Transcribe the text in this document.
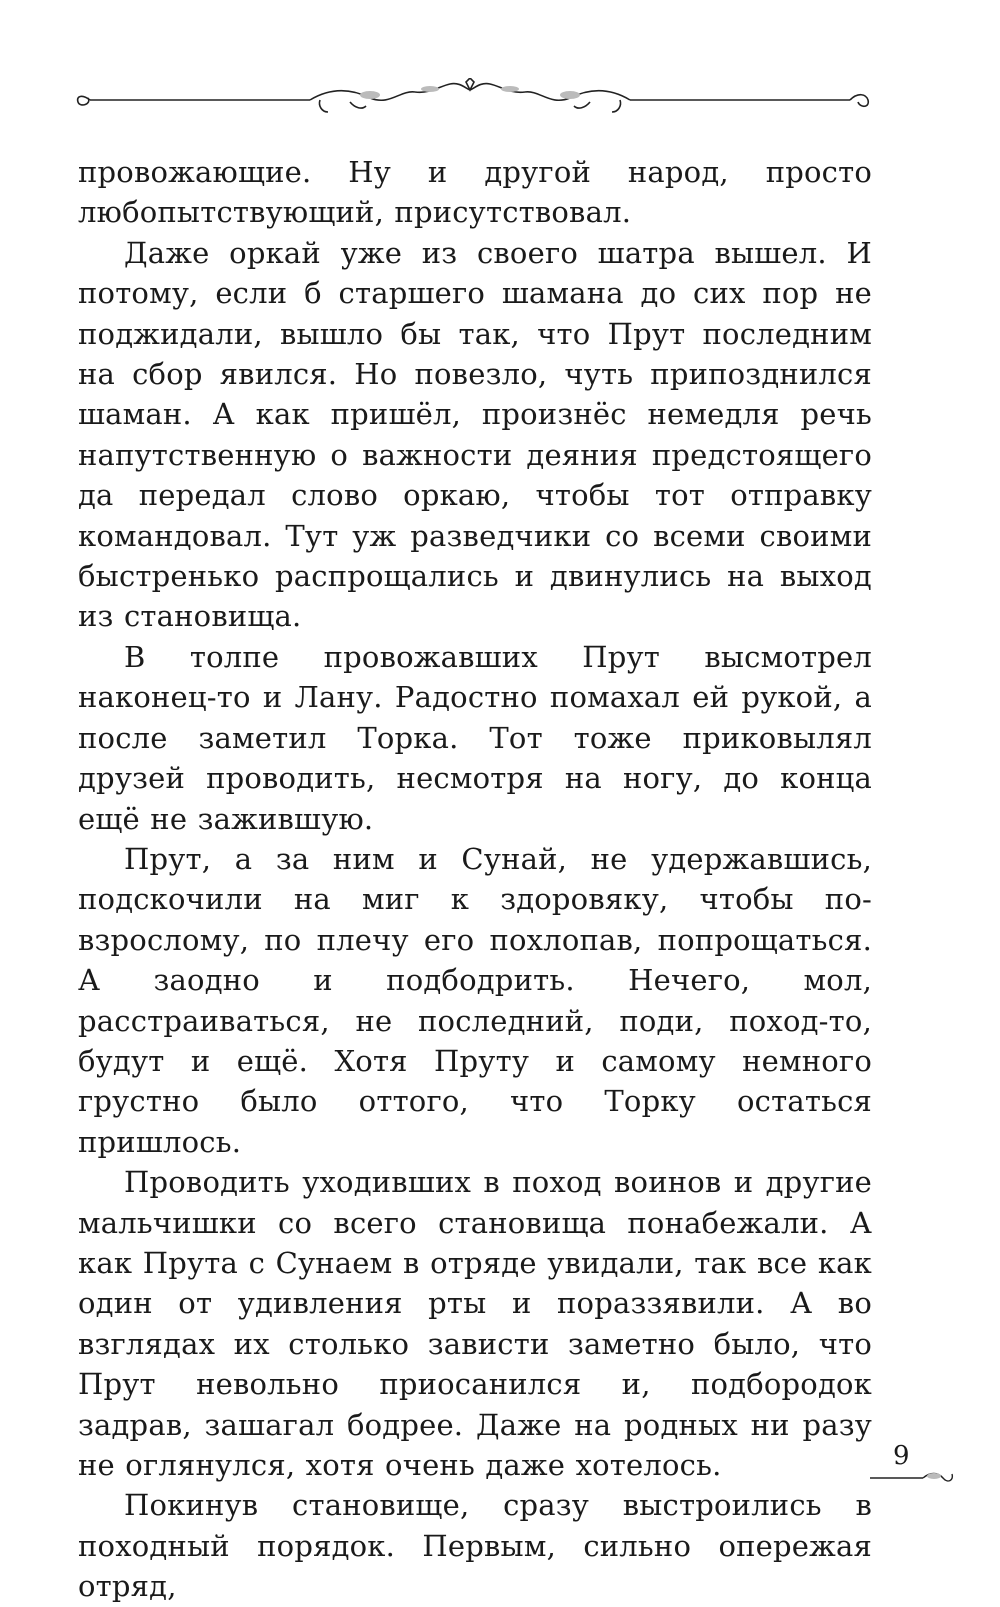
провожающие. Ну и другой народ, просто любопытствующий, присутствовал.

Даже оркай уже из своего шатра вышел. И потому, если б старшего шамана до сих пор не поджидали, вышло бы так, что Прут последним на сбор явился. Но повезло, чуть припозднился шаман. А как пришёл, произнёс немедля речь напутственную о важности деяния предстоящего да передал слово оркаю, чтобы тот отправку командовал. Тут уж разведчики со всеми своими быстренько распрощались и двинулись на выход из становища.

В толпе провожавших Прут высмотрел наконец-то и Лану. Радостно помахал ей рукой, а после заметил Торка. Тот тоже приковылял друзей проводить, несмотря на ногу, до конца ещё не зажившую.

Прут, а за ним и Сунай, не удержавшись, подскочили на миг к здоровяку, чтобы по-взрослому, по плечу его похлопав, попрощаться. А заодно и подбодрить. Нечего, мол, расстраиваться, не последний, поди, поход-то, будут и ещё. Хотя Пруту и самому немного грустно было оттого, что Торку остаться пришлось.

Проводить уходивших в поход воинов и другие мальчишки со всего становища понабежали. А как Прута с Сунаем в отряде увидали, так все как один от удивления рты и пораззявили. А во взглядах их столько зависти заметно было, что Прут невольно приосанился и, подбородок задрав, зашагал бодрее. Даже на родных ни разу не оглянулся, хотя очень даже хотелось.

Покинув становище, сразу выстроились в походный порядок. Первым, сильно опережая отряд,

9
